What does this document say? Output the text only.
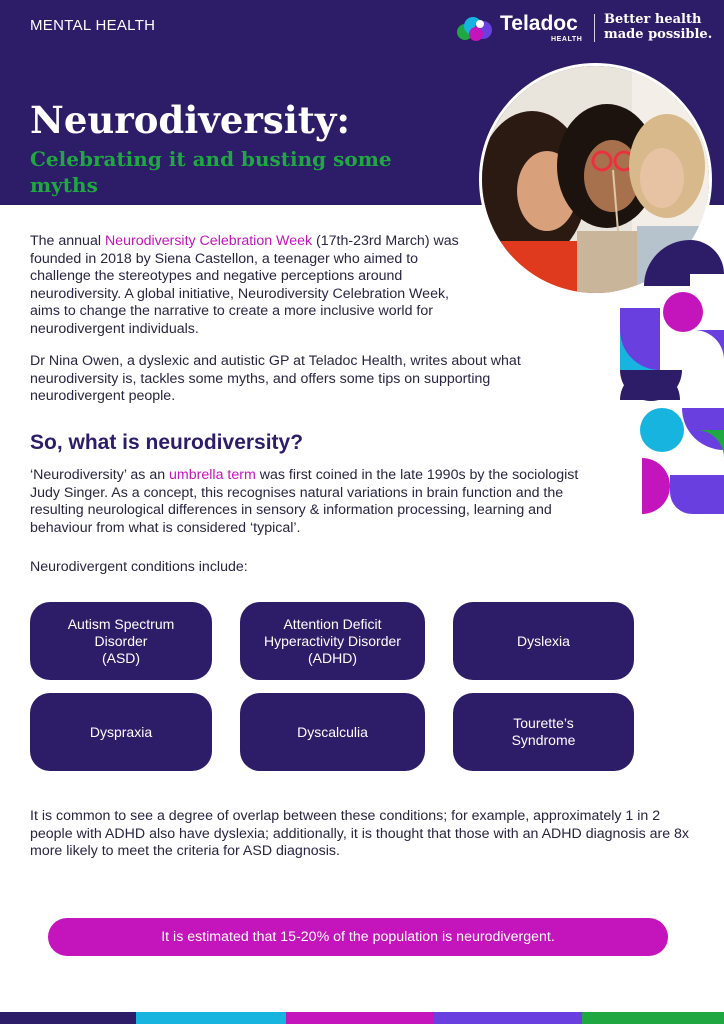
MENTAL HEALTH	Teladoc
HEALTH
Better health
made possible.
Neurodiversity:
Celebrating it and busting some myths

The annual Neurodiversity Celebration Week (17th-23rd March) was founded in 2018 by Siena Castellon, a teenager who aimed to challenge the stereotypes and negative perceptions around neurodiversity. A global initiative, Neurodiversity Celebration Week, aims to change the narrative to create a more inclusive world for neurodivergent individuals.

Dr Nina Owen, a dyslexic and autistic GP at Teladoc Health, writes about what neurodiversity is, tackles some myths, and offers some tips on supporting neurodivergent people.

So, what is neurodiversity?

‘Neurodiversity’ as an umbrella term was first coined in the late 1990s by the sociologist Judy Singer. As a concept, this recognises natural variations in brain function and the resulting neurological differences in sensory & information processing, learning and behaviour from what is considered ‘typical’.

Neurodivergent conditions include:
Autism Spectrum
Disorder
(ASD)
Attention Deficit
Hyperactivity Disorder
(ADHD)
Dyslexia
Dyspraxia	Dyscalculia
Tourette’s
Syndrome

It is common to see a degree of overlap between these conditions; for example, approximately 1 in 2 people with ADHD also have dyslexia; additionally, it is thought that those with an ADHD diagnosis are 8x more likely to meet the criteria for ASD diagnosis.

It is estimated that 15-20% of the population is neurodivergent.
